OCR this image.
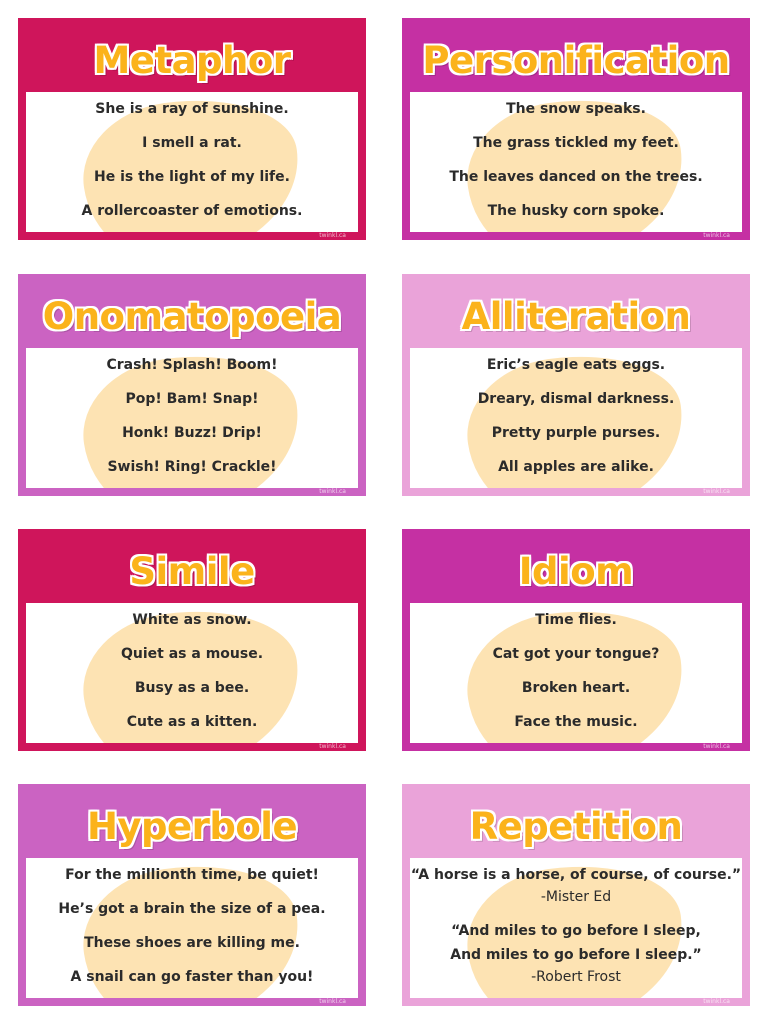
Metaphor
She is a ray of sunshine.
I smell a rat.
He is the light of my life.
A rollercoaster of emotions.
twinkl.ca
Personification
The snow speaks.
The grass tickled my feet.
The leaves danced on the trees.
The husky corn spoke.
twinkl.ca
Onomatopoeia
Crash! Splash! Boom!
Pop! Bam! Snap!
Honk! Buzz! Drip!
Swish! Ring! Crackle!
twinkl.ca
Alliteration
Eric’s eagle eats eggs.
Dreary, dismal darkness.
Pretty purple purses.
All apples are alike.
twinkl.ca
Simile
White as snow.
Quiet as a mouse.
Busy as a bee.
Cute as a kitten.
twinkl.ca
Idiom
Time flies.
Cat got your tongue?
Broken heart.
Face the music.
twinkl.ca
Hyperbole
For the millionth time, be quiet!
He’s got a brain the size of a pea.
These shoes are killing me.
A snail can go faster than you!
twinkl.ca
Repetition
“A horse is a horse, of course, of course.”
-Mister Ed
“And miles to go before I sleep,
And miles to go before I sleep.”
-Robert Frost
twinkl.ca
